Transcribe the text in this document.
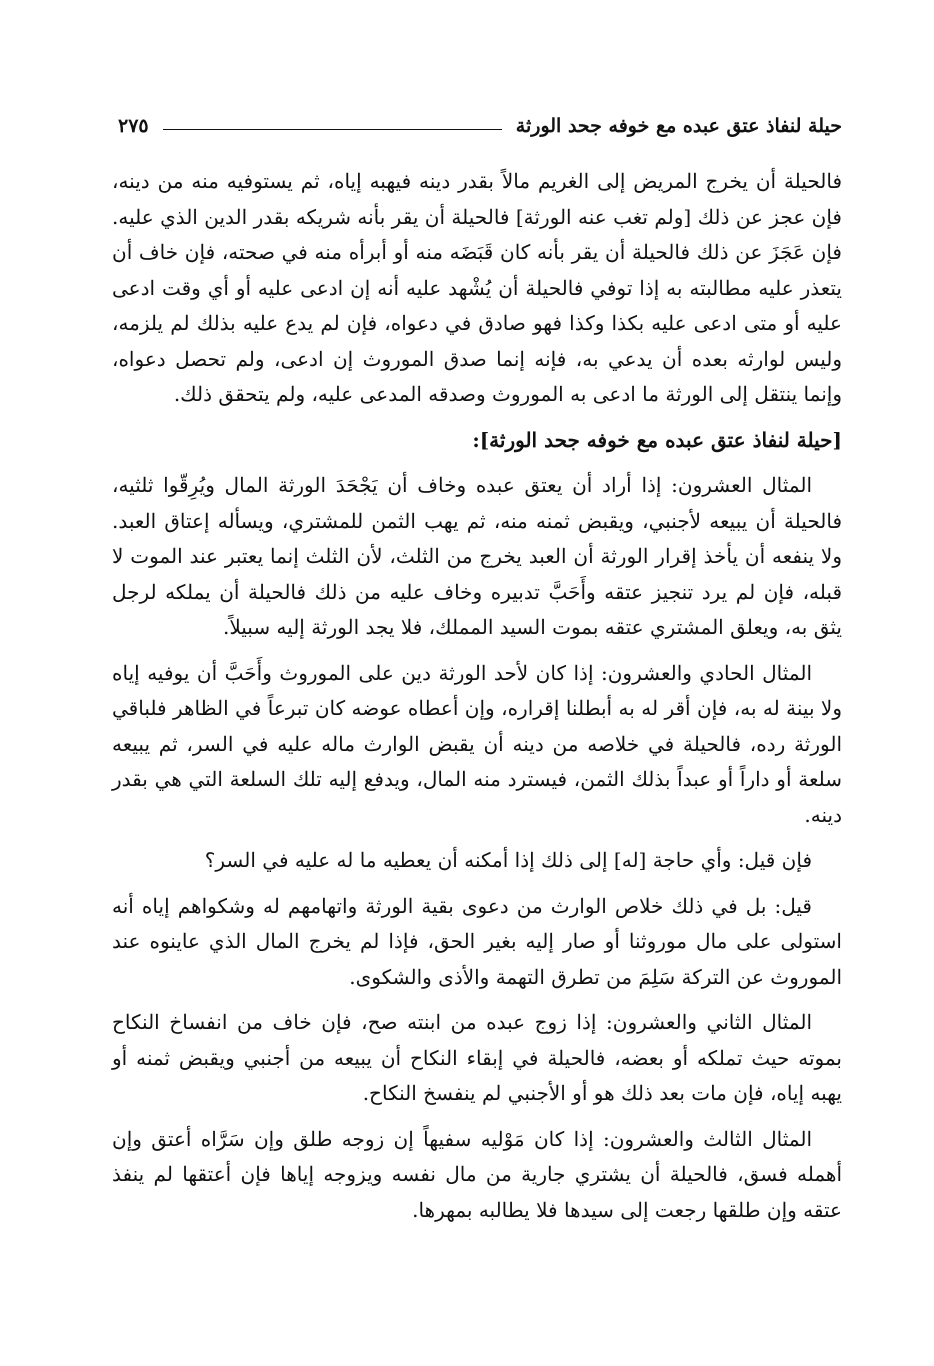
حيلة لنفاذ عتق عبده مع خوفه جحد الورثة
٢٧٥

فالحيلة أن يخرج المريض إلى الغريم مالاً بقدر دينه فيهبه إياه، ثم يستوفيه منه من دينه، فإن عجز عن ذلك [ولم تغب عنه الورثة] فالحيلة أن يقر بأنه شريكه بقدر الدين الذي عليه. فإن عَجَزَ عن ذلك فالحيلة أن يقر بأنه كان قَبَضَه منه أو أبرأه منه في صحته، فإن خاف أن يتعذر عليه مطالبته به إذا توفي فالحيلة أن يُشْهد عليه أنه إن ادعى عليه أو أي وقت ادعى عليه أو متى ادعى عليه بكذا وكذا فهو صادق في دعواه، فإن لم يدع عليه بذلك لم يلزمه، وليس لوارثه بعده أن يدعي به، فإنه إنما صدق الموروث إن ادعى، ولم تحصل دعواه، وإنما ينتقل إلى الورثة ما ادعى به الموروث وصدقه المدعى عليه، ولم يتحقق ذلك.

[حيلة لنفاذ عتق عبده مع خوفه جحد الورثة]:

المثال العشرون: إذا أراد أن يعتق عبده وخاف أن يَجْحَدَ الورثة المال ويُرِقّوا ثلثيه، فالحيلة أن يبيعه لأجنبي، ويقبض ثمنه منه، ثم يهب الثمن للمشتري، ويسأله إعتاق العبد. ولا ينفعه أن يأخذ إقرار الورثة أن العبد يخرج من الثلث، لأن الثلث إنما يعتبر عند الموت لا قبله، فإن لم يرد تنجيز عتقه وأَحَبَّ تدبيره وخاف عليه من ذلك فالحيلة أن يملكه لرجل يثق به، ويعلق المشتري عتقه بموت السيد المملك، فلا يجد الورثة إليه سبيلاً.

المثال الحادي والعشرون: إذا كان لأحد الورثة دين على الموروث وأَحَبَّ أن يوفيه إياه ولا بينة له به، فإن أقر له به أبطلنا إقراره، وإن أعطاه عوضه كان تبرعاً في الظاهر فلباقي الورثة رده، فالحيلة في خلاصه من دينه أن يقبض الوارث ماله عليه في السر، ثم يبيعه سلعة أو داراً أو عبداً بذلك الثمن، فيسترد منه المال، ويدفع إليه تلك السلعة التي هي بقدر دينه.

فإن قيل: وأي حاجة [له] إلى ذلك إذا أمكنه أن يعطيه ما له عليه في السر؟

قيل: بل في ذلك خلاص الوارث من دعوى بقية الورثة واتهامهم له وشكواهم إياه أنه استولى على مال موروثنا أو صار إليه بغير الحق، فإذا لم يخرج المال الذي عاينوه عند الموروث عن التركة سَلِمَ من تطرق التهمة والأذى والشكوى.

المثال الثاني والعشرون: إذا زوج عبده من ابنته صح، فإن خاف من انفساخ النكاح بموته حيث تملكه أو بعضه، فالحيلة في إبقاء النكاح أن يبيعه من أجنبي ويقبض ثمنه أو يهبه إياه، فإن مات بعد ذلك هو أو الأجنبي لم ينفسخ النكاح.

المثال الثالث والعشرون: إذا كان مَوْليه سفيهاً إن زوجه طلق وإن سَرَّاه أعتق وإن أهمله فسق، فالحيلة أن يشتري جارية من مال نفسه ويزوجه إياها فإن أعتقها لم ينفذ عتقه وإن طلقها رجعت إلى سيدها فلا يطالبه بمهرها.
